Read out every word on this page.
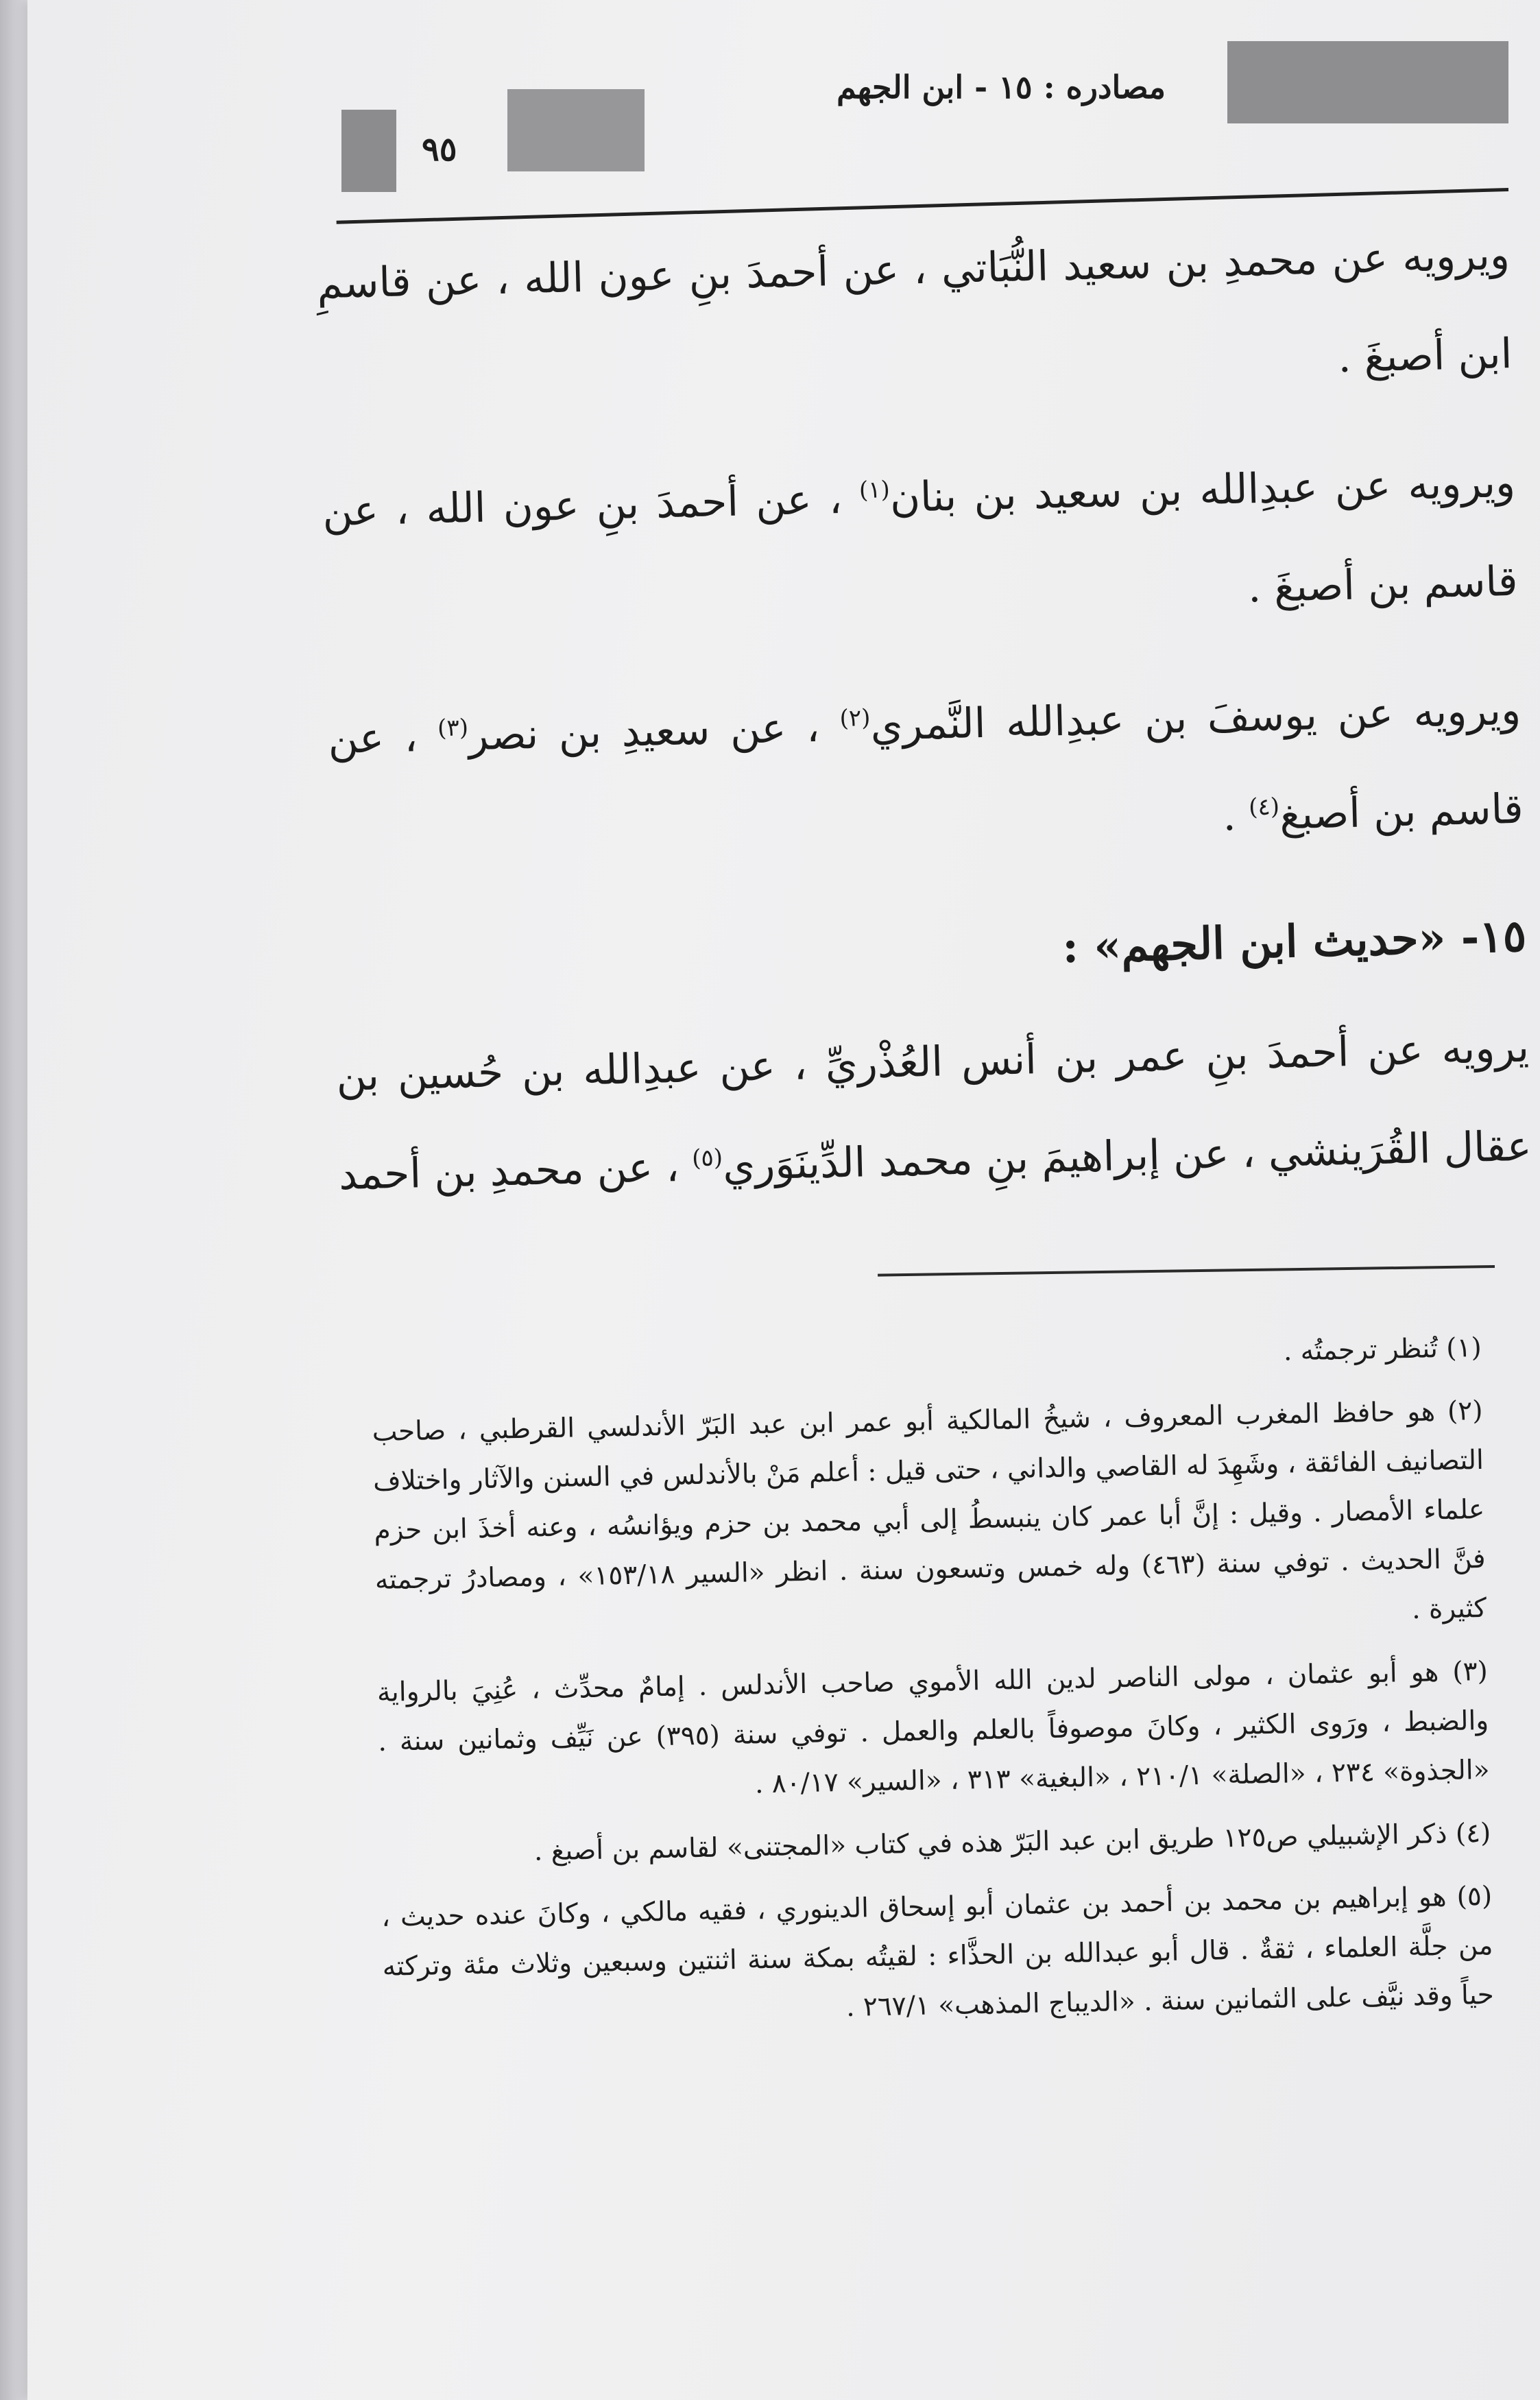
مصادره : ١٥ - ابن الجهم
٩٥

ويرويه عن محمدِ بن سعيد النُّبَاتي ، عن أحمدَ بنِ عون الله ، عن قاسمِ ابن أصبغَ .

ويرويه عن عبدِالله بن سعيد بن بنان$^{(١)}$ ، عن أحمدَ بنِ عون الله ، عن قاسم بن أصبغَ .

ويرويه عن يوسفَ بن عبدِالله النَّمري$^{(٢)}$ ، عن سعيدِ بن نصر$^{(٣)}$ ، عن قاسم بن أصبغ$^{(٤)}$ .

١٥- «حديث ابن الجهم» :

يرويه عن أحمدَ بنِ عمر بن أنس العُذْريِّ ، عن عبدِالله بن حُسين بن عقال القُرَينشي ، عن إبراهيمَ بنِ محمد الدِّينَوَري$^{(٥)}$ ، عن محمدِ بن أحمد

(١) تُنظر ترجمتُه .

(٢) هو حافظ المغرب المعروف ، شيخُ المالكية أبو عمر ابن عبد البَرّ الأندلسي القرطبي ، صاحب التصانيف الفائقة ، وشَهِدَ له القاصي والداني ، حتى قيل : أعلم مَنْ بالأندلس في السنن والآثار واختلاف علماء الأمصار . وقيل : إنَّ أبا عمر كان ينبسطُ إلى أبي محمد بن حزم ويؤانسُه ، وعنه أخذَ ابن حزم فنَّ الحديث . توفي سنة (٤٦٣) وله خمس وتسعون سنة . انظر «السير ١٥٣/١٨» ، ومصادرُ ترجمته كثيرة .

(٣) هو أبو عثمان ، مولى الناصر لدين الله الأموي صاحب الأندلس . إمامٌ محدِّث ، عُنِيَ بالرواية والضبط ، ورَوى الكثير ، وكانَ موصوفاً بالعلم والعمل . توفي سنة (٣٩٥) عن نَيِّف وثمانين سنة . «الجذوة» ٢٣٤ ، «الصلة» ٢١٠/١ ، «البغية» ٣١٣ ، «السير» ٨٠/١٧ .

(٤) ذكر الإشبيلي ص١٢٥ طريق ابن عبد البَرّ هذه في كتاب «المجتنى» لقاسم بن أصبغ .

(٥) هو إبراهيم بن محمد بن أحمد بن عثمان أبو إسحاق الدينوري ، فقيه مالكي ، وكانَ عنده حديث ، من جلَّة العلماء ، ثقةٌ . قال أبو عبدالله بن الحذَّاء : لقيتُه بمكة سنة اثنتين وسبعين وثلاث مئة وتركته حياً وقد نيَّف على الثمانين سنة . «الديباج المذهب» ٢٦٧/١ .
